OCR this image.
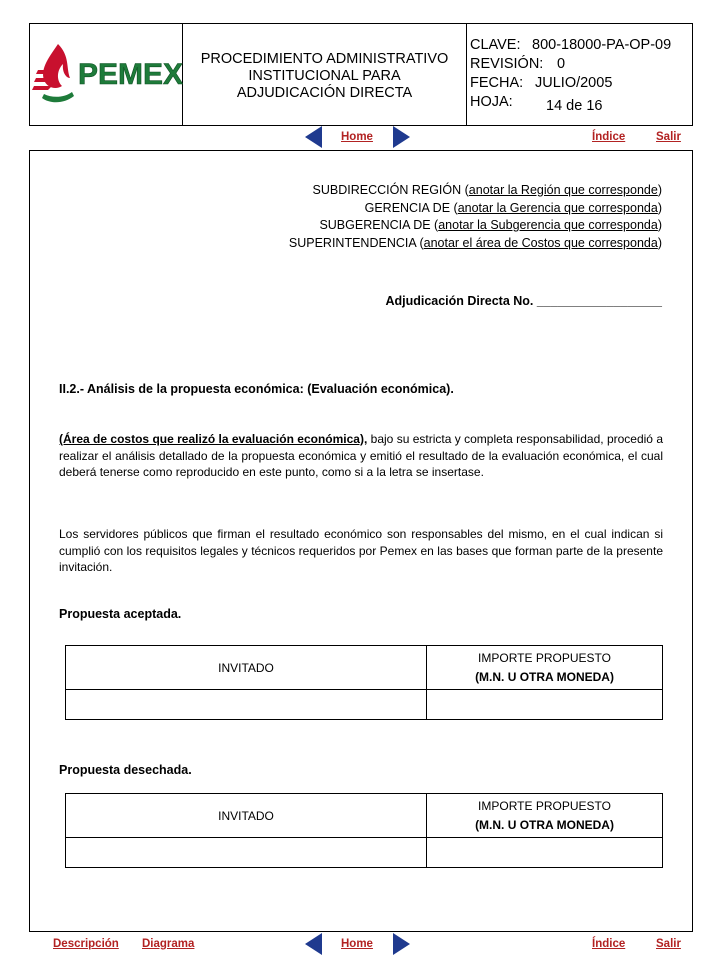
PEMEX	PROCEDIMIENTO ADMINISTRATIVO
INSTITUCIONAL PARA
ADJUDICACIÓN DIRECTA
CLAVE: 800-18000-PA-OP-09
REVISIÓN: 0
FECHA: JULIO/2005
HOJA: 14 de 16
Home	Índice	Salir
SUBDIRECCIÓN REGIÓN (anotar la Región que corresponde)
GERENCIA DE (anotar la Gerencia que corresponda)
SUBGERENCIA DE (anotar la Subgerencia que corresponda)
SUPERINTENDENCIA (anotar el área de Costos que corresponda)
Adjudicación Directa No. __________________
II.2.- Análisis de la propuesta económica: (Evaluación económica).
(Área de costos que realizó la evaluación económica), bajo su estricta y completa responsabilidad, procedió a realizar el análisis detallado de la propuesta económica y emitió el resultado de la evaluación económica, el cual deberá tenerse como reproducido en este punto, como si a la letra se insertase.
Los servidores públicos que firman el resultado económico son responsables del mismo, en el cual indican si cumplió con los requisitos legales y técnicos requeridos por Pemex en las bases que forman parte de la presente invitación.
Propuesta aceptada.
INVITADO	IMPORTE PROPUESTO
(M.N. U OTRA MONEDA)

Propuesta desechada.
INVITADO	IMPORTE PROPUESTO
(M.N. U OTRA MONEDA)

Descripción Diagrama	Home	Índice	Salir
